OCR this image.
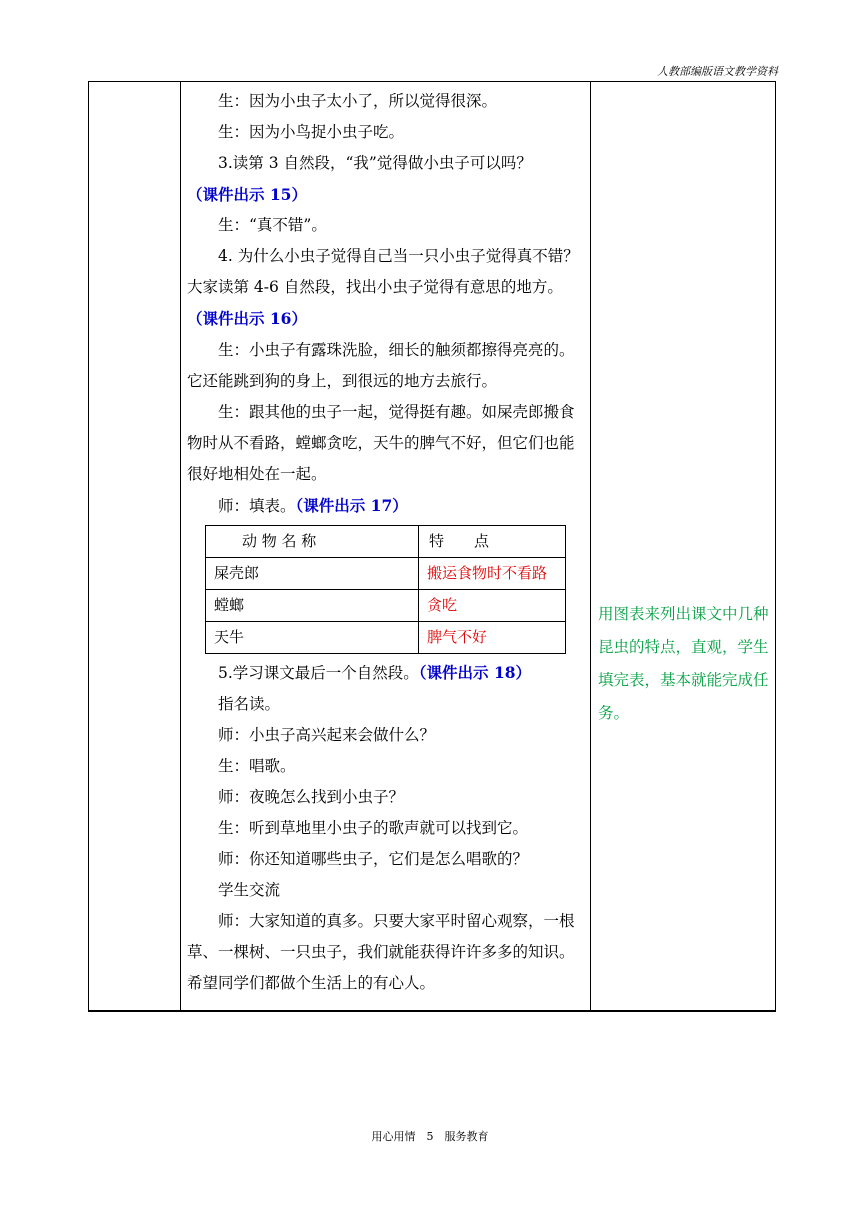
人教部编版语文教学资料

生：因为小虫子太小了，所以觉得很深。

生：因为小鸟捉小虫子吃。

3.读第 3 自然段，“我”觉得做小虫子可以吗？

（课件出示 15）

生：“真不错”。

4. 为什么小虫子觉得自己当一只小虫子觉得真不错？大家读第 4-6 自然段，找出小虫子觉得有意思的地方。（课件出示 16）

生：小虫子有露珠洗脸，细长的触须都擦得亮亮的。它还能跳到狗的身上，到很远的地方去旅行。

生：跟其他的虫子一起，觉得挺有趣。如屎壳郎搬食物时从不看路，螳螂贪吃，天牛的脾气不好，但它们也能很好地相处在一起。

师：填表。（课件出示 17）

动 物 名 称	特　　点
屎壳郎	搬运食物时不看路
螳螂	贪吃
天牛	脾气不好

5.学习课文最后一个自然段。（课件出示 18）

指名读。

师：小虫子高兴起来会做什么？

生：唱歌。

师：夜晚怎么找到小虫子？

生：听到草地里小虫子的歌声就可以找到它。

师：你还知道哪些虫子，它们是怎么唱歌的？

学生交流

师：大家知道的真多。只要大家平时留心观察，一根草、一棵树、一只虫子，我们就能获得许许多多的知识。希望同学们都做个生活上的有心人。

用图表来列出课文中几种昆虫的特点，直观，学生填完表，基本就能完成任务。
用心用情　5　服务教育
